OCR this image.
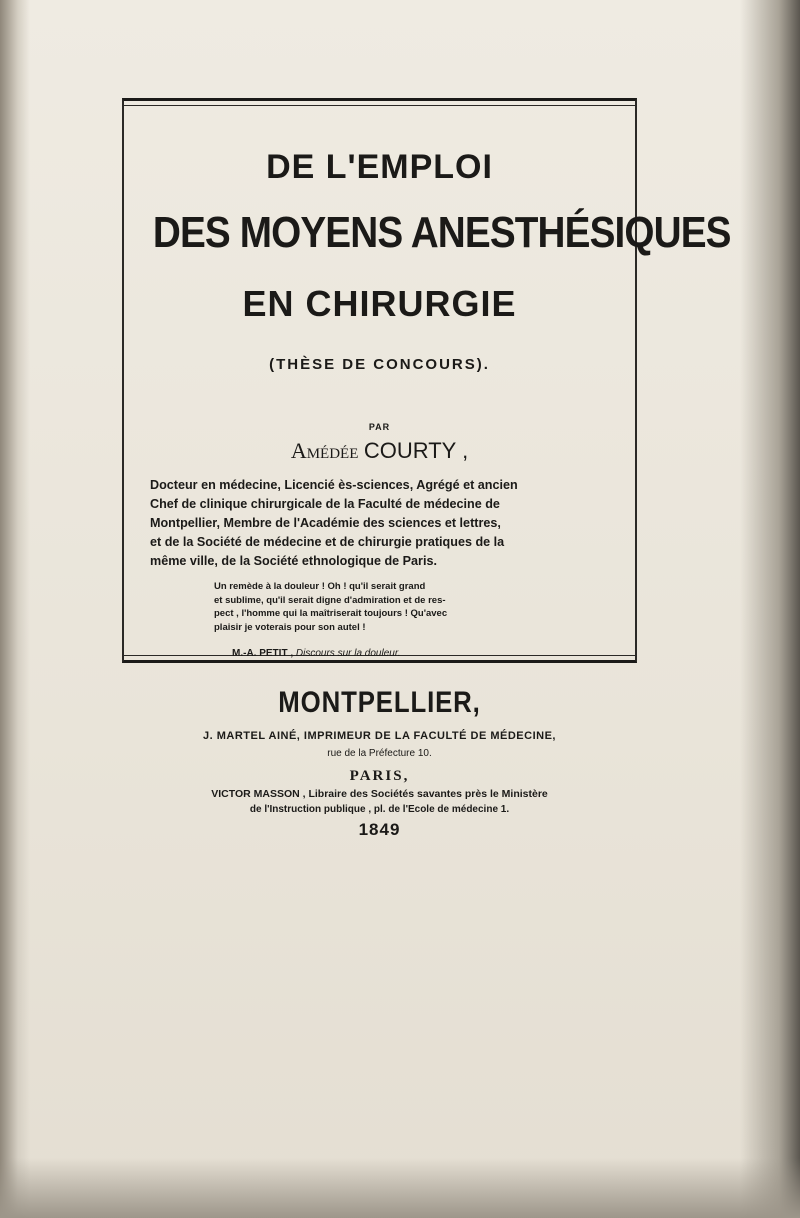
DE L'EMPLOI
DES MOYENS ANESTHÉSIQUES
EN CHIRURGIE
(THÈSE DE CONCOURS).
PAR
Amédée COURTY ,
Docteur en médecine, Licencié ès-sciences, Agrégé et ancien
Chef de clinique chirurgicale de la Faculté de médecine de
Montpellier, Membre de l'Académie des sciences et lettres,
et de la Société de médecine et de chirurgie pratiques de la
même ville, de la Société ethnologique de Paris.
Un remède à la douleur ! Oh ! qu'il serait grand
et sublime, qu'il serait digne d'admiration et de res-
pect , l'homme qui la maîtriserait toujours ! Qu'avec
plaisir je voterais pour son autel !
M.-A. PETIT , Discours sur la douleur.
MONTPELLIER,
J. MARTEL AINÉ, IMPRIMEUR DE LA FACULTÉ DE MÉDECINE,
rue de la Préfecture 10.
PARIS,
VICTOR MASSON , Libraire des Sociétés savantes près le Ministère
de l'Instruction publique , pl. de l'Ecole de médecine 1.
1849
